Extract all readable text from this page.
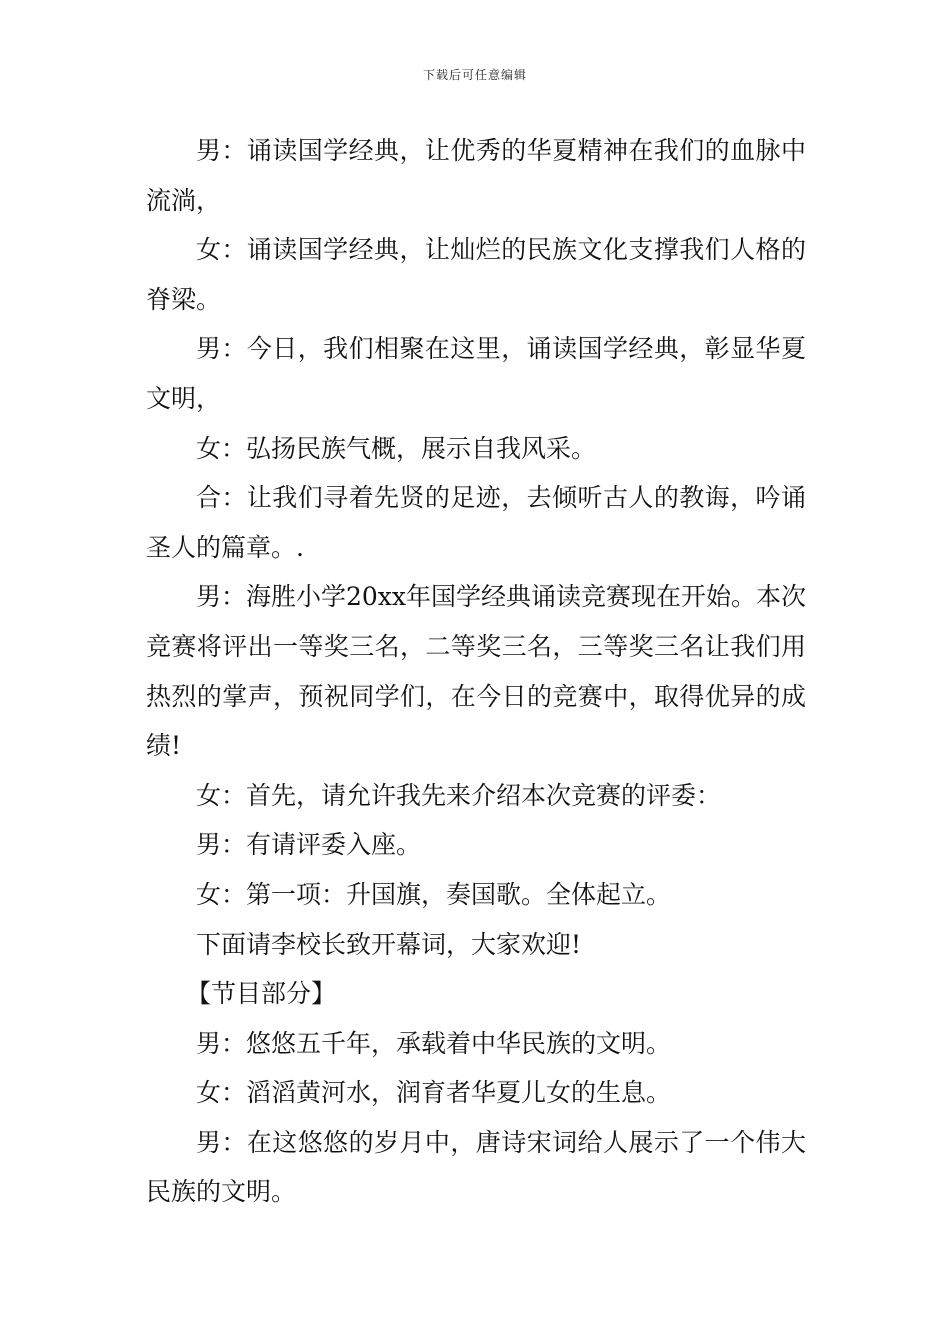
下载后可任意编辑

男：诵读国学经典，让优秀的华夏精神在我们的血脉中流淌，

女：诵读国学经典，让灿烂的民族文化支撑我们人格的脊梁。

男：今日，我们相聚在这里，诵读国学经典，彰显华夏文明，

女：弘扬民族气概，展示自我风采。

合：让我们寻着先贤的足迹，去倾听古人的教诲，吟诵圣人的篇章。.

男：海胜小学20xx年国学经典诵读竞赛现在开始。本次竞赛将评出一等奖三名，二等奖三名，三等奖三名让我们用热烈的掌声，预祝同学们，在今日的竞赛中，取得优异的成绩!

女：首先，请允许我先来介绍本次竞赛的评委：

男：有请评委入座。

女：第一项：升国旗，奏国歌。全体起立。

下面请李校长致开幕词，大家欢迎!

【节目部分】

男：悠悠五千年，承载着中华民族的文明。

女：滔滔黄河水，润育者华夏儿女的生息。

男：在这悠悠的岁月中，唐诗宋词给人展示了一个伟大民族的文明。
